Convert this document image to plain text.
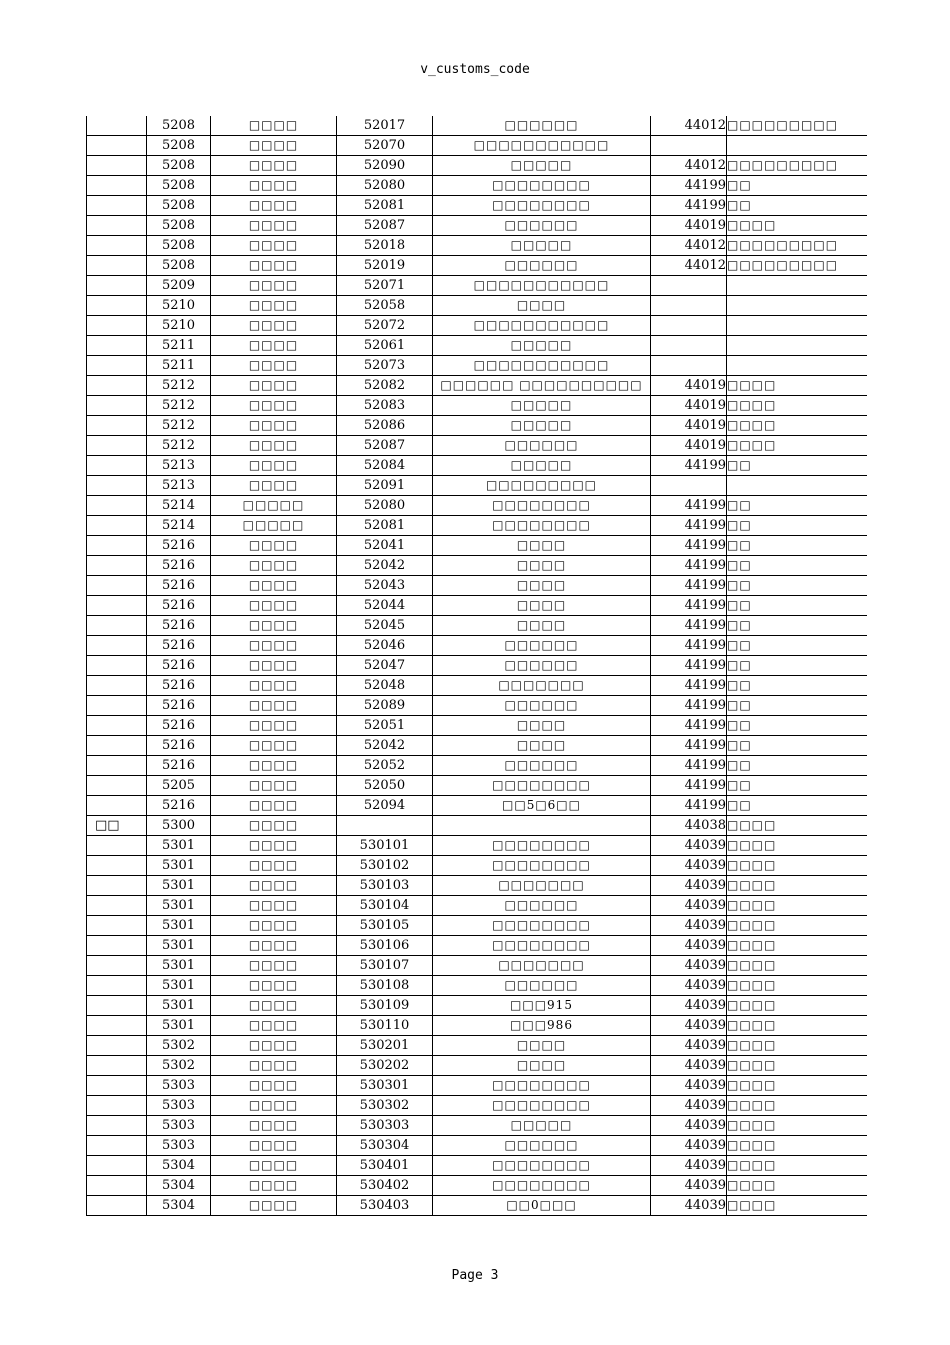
v_customs_code
	5208	□□□□	52017	□□□□□□	44012	□□□□□□□□□
	5208	□□□□	52070	□□□□□□□□□□□		
	5208	□□□□	52090	□□□□□	44012	□□□□□□□□□
	5208	□□□□	52080	□□□□□□□□	44199	□□
	5208	□□□□	52081	□□□□□□□□	44199	□□
	5208	□□□□	52087	□□□□□□	44019	□□□□
	5208	□□□□	52018	□□□□□	44012	□□□□□□□□□
	5208	□□□□	52019	□□□□□□	44012	□□□□□□□□□
	5209	□□□□	52071	□□□□□□□□□□□		
	5210	□□□□	52058	□□□□		
	5210	□□□□	52072	□□□□□□□□□□□		
	5211	□□□□	52061	□□□□□		
	5211	□□□□	52073	□□□□□□□□□□□		
	5212	□□□□	52082	□□□□□□ □□□□□□□□□□	44019	□□□□
	5212	□□□□	52083	□□□□□	44019	□□□□
	5212	□□□□	52086	□□□□□	44019	□□□□
	5212	□□□□	52087	□□□□□□	44019	□□□□
	5213	□□□□	52084	□□□□□	44199	□□
	5213	□□□□	52091	□□□□□□□□□		
	5214	□□□□□	52080	□□□□□□□□	44199	□□
	5214	□□□□□	52081	□□□□□□□□	44199	□□
	5216	□□□□	52041	□□□□	44199	□□
	5216	□□□□	52042	□□□□	44199	□□
	5216	□□□□	52043	□□□□	44199	□□
	5216	□□□□	52044	□□□□	44199	□□
	5216	□□□□	52045	□□□□	44199	□□
	5216	□□□□	52046	□□□□□□	44199	□□
	5216	□□□□	52047	□□□□□□	44199	□□
	5216	□□□□	52048	□□□□□□□	44199	□□
	5216	□□□□	52089	□□□□□□	44199	□□
	5216	□□□□	52051	□□□□	44199	□□
	5216	□□□□	52042	□□□□	44199	□□
	5216	□□□□	52052	□□□□□□	44199	□□
	5205	□□□□	52050	□□□□□□□□	44199	□□
	5216	□□□□	52094	□□5□6□□	44199	□□
□□	5300	□□□□			44038	□□□□
	5301	□□□□	530101	□□□□□□□□	44039	□□□□
	5301	□□□□	530102	□□□□□□□□	44039	□□□□
	5301	□□□□	530103	□□□□□□□	44039	□□□□
	5301	□□□□	530104	□□□□□□	44039	□□□□
	5301	□□□□	530105	□□□□□□□□	44039	□□□□
	5301	□□□□	530106	□□□□□□□□	44039	□□□□
	5301	□□□□	530107	□□□□□□□	44039	□□□□
	5301	□□□□	530108	□□□□□□	44039	□□□□
	5301	□□□□	530109	□□□915	44039	□□□□
	5301	□□□□	530110	□□□986	44039	□□□□
	5302	□□□□	530201	□□□□	44039	□□□□
	5302	□□□□	530202	□□□□	44039	□□□□
	5303	□□□□	530301	□□□□□□□□	44039	□□□□
	5303	□□□□	530302	□□□□□□□□	44039	□□□□
	5303	□□□□	530303	□□□□□	44039	□□□□
	5303	□□□□	530304	□□□□□□	44039	□□□□
	5304	□□□□	530401	□□□□□□□□	44039	□□□□
	5304	□□□□	530402	□□□□□□□□	44039	□□□□
	5304	□□□□	530403	□□0□□□	44039	□□□□
Page 3
